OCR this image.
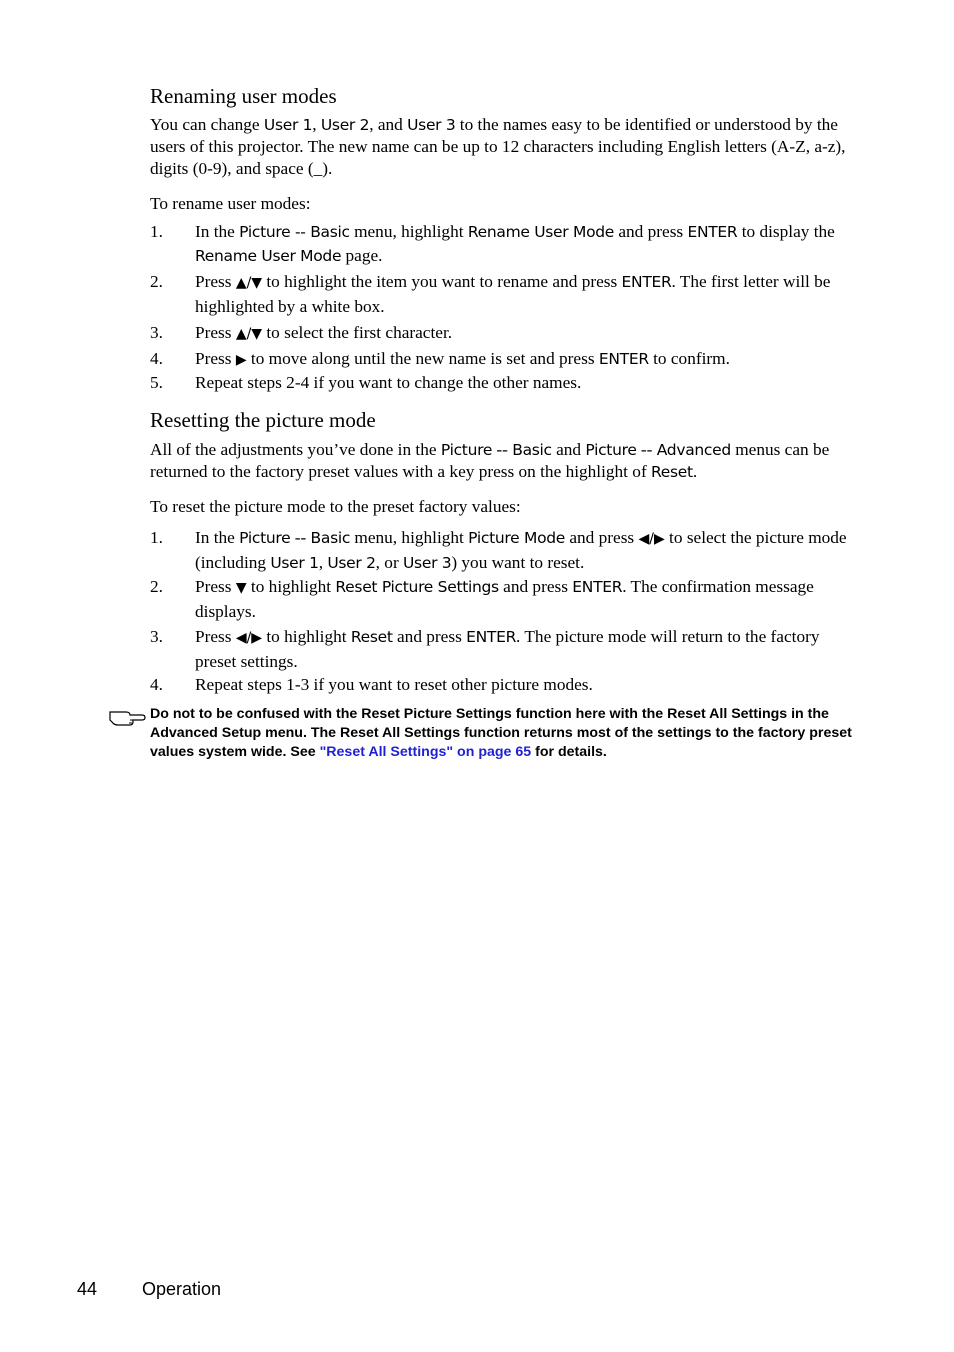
Renaming user modes

You can change User 1, User 2, and User 3 to the names easy to be identified or understood by the users of this projector. The new name can be up to 12 characters including English letters (A-Z, a-z), digits (0-9), and space (_).

To rename user modes:

1.	In the Picture -- Basic menu, highlight Rename User Mode and press ENTER to display the Rename User Mode page.
2.	Press ▲/▼ to highlight the item you want to rename and press ENTER. The first letter will be highlighted by a white box.
3.	Press ▲/▼ to select the first character.
4.	Press ▶ to move along until the new name is set and press ENTER to confirm.
5.	Repeat steps 2-4 if you want to change the other names.
Resetting the picture mode

All of the adjustments you’ve done in the Picture -- Basic and Picture -- Advanced menus can be returned to the factory preset values with a key press on the highlight of Reset.

To reset the picture mode to the preset factory values:

1.	In the Picture -- Basic menu, highlight Picture Mode and press ◀/▶ to select the picture mode (including User 1, User 2, or User 3) you want to reset.
2.	Press ▼ to highlight Reset Picture Settings and press ENTER. The confirmation message displays.
3.	Press ◀/▶ to highlight Reset and press ENTER. The picture mode will return to the factory preset settings.
4.	Repeat steps 1-3 if you want to reset other picture modes.
Do not to be confused with the Reset Picture Settings function here with the Reset All Settings in the Advanced Setup menu. The Reset All Settings function returns most of the settings to the factory preset values system wide. See "Reset All Settings" on page 65 for details.
44 Operation
